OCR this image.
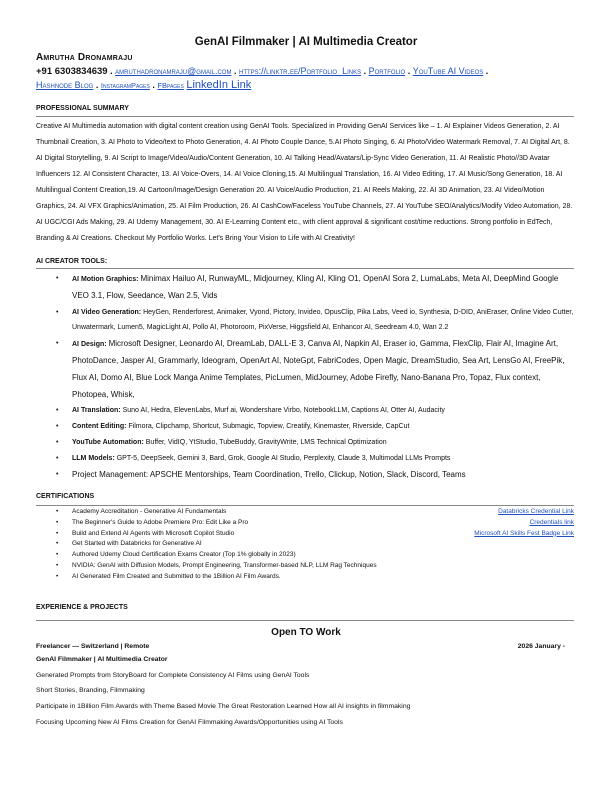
GenAI Filmmaker | AI Multimedia Creator
Amrutha Dronamraju
+91 6303834639 . amruthadronamraju@gmail.com . https://linktr.ee/Portfolio_Links . Portfolio . YouTube AI Videos .
Hashnode Blog . InstagramPages . FBpages LinkedIn Link
PROFESSIONAL SUMMARY
Creative AI Multimedia automation with digital content creation using GenAI Tools. Specialized in Providing GenAI Services like – 1. AI Explainer Videos Generation, 2. AI Thumbnail Creation, 3. AI Photo to Video/text to Photo Generation, 4. AI Photo Couple Dance, 5.AI Photo Singing, 6. AI Photo/Video Watermark Removal, 7. AI Digital Art, 8. AI Digital Storytelling, 9. AI Script to Image/Video/Audio/Content Generation, 10. AI Talking Head/Avatars/Lip-Sync Video Generation, 11. AI Realistic Photo//3D Avatar Influencers 12. AI Consistent Character, 13. AI Voice-Overs, 14. AI Voice Cloning,15. AI Multilingual Translation, 16. AI Video Editing, 17. AI Music/Song Generation, 18. AI Multilingual Content Creation,19. AI Cartoon/Image/Design Generation 20. AI Voice/Audio Production, 21. AI Reels Making, 22. AI 3D Animation, 23. AI Video/Motion Graphics, 24. AI VFX Graphics/Animation, 25. AI Film Production, 26. AI CashCow/Faceless YouTube Channels, 27. AI YouTube SEO/Analytics/Modify Video Automation, 28. AI UGC/CGI Ads Making, 29. AI Udemy Management, 30. AI E-Learning Content etc., with client approval & significant cost/time reductions. Strong portfolio in EdTech, Branding & AI Creations. Checkout My Portfolio Works. Let's Bring Your Vision to Life with AI Creativity!
AI CREATOR TOOLS:
• AI Motion Graphics: Minimax Hailuo AI, RunwayML, Midjourney, Kling AI, Kling O1, OpenAI Sora 2, LumaLabs, Meta AI, DeepMind Google VEO 3.1, Flow, Seedance, Wan 2.5, Vids
• AI Video Generation: HeyGen, Renderforest, Animaker, Vyond, Pictory, Invideo, OpusClip, Pika Labs, Veed io, Synthesia, D-DID, AniEraser, Online Video Cutter, Unwatermark, Lumen5, MagicLight AI, Pollo AI, Photoroom, PixVerse, Higgsfield AI, Enhancor AI, Seedream 4.0, Wan 2.2
• AI Design: Microsoft Designer, Leonardo AI, DreamLab, DALL-E 3, Canva AI, Napkin AI, Eraser io, Gamma, FlexClip, Flair AI, Imagine Art, PhotoDance, Jasper AI, Grammarly, Ideogram, OpenArt AI, NoteGpt, FabriCodes, Open Magic, DreamStudio, Sea Art, LensGo AI, FreePik, Flux AI, Domo AI, Blue Lock Manga Anime Templates, PicLumen, MidJourney, Adobe Firefly, Nano-Banana Pro, Topaz, Flux context, Photopea, Whisk,
• AI Translation: Suno AI, Hedra, ElevenLabs, Murf ai, Wondershare Virbo, NotebookLLM, Captions AI, Otter AI, Audacity
• Content Editing: Filmora, Clipchamp, Shortcut, Submagic, Topview, Creatify, Kinemaster, Riverside, CapCut
• YouTube Automation: Buffer, VidIQ, YtStudio, TubeBuddy, GravityWrite, LMS Technical Optimization
• LLM Models: GPT-5, DeepSeek, Gemini 3, Bard, Grok, Google AI Studio, Perplexity, Claude 3, Multimodal LLMs Prompts
• Project Management: APSCHE Mentorships, Team Coordination, Trello, Clickup, Notion, Slack, Discord, Teams
CERTIFICATIONS
• Academy Accreditation - Generative AI Fundamentals	Databricks Credential Link
• The Beginner's Guide to Adobe Premiere Pro: Edit Like a Pro	Credentials link
• Build and Extend AI Agents with Microsoft Copilot Studio	Microsoft AI Skills Fest Badge Link
• Get Started with Databricks for Generative AI
• Authored Udemy Cloud Certification Exams Creator (Top 1% globally in 2023)
• NVIDIA: GenAI with Diffusion Models, Prompt Engineering, Transformer-based NLP, LLM Rag Techniques
• AI Generated Film Created and Submitted to the 1Billion AI Film Awards.
EXPERIENCE & PROJECTS
Open TO Work
Freelancer — Switzerland | Remote	2026 January -
GenAI Filmmaker | AI Multimedia Creator
Generated Prompts from StoryBoard for Complete Consistency AI Films using GenAI Tools
Short Stories, Branding, Filmmaking
Participate in 1Billion Film Awards with Theme Based Movie The Great Restoration Learned How all AI insights in filmmaking
Focusing Upcoming New AI Films Creation for GenAI Filmmaking Awards/Opportunities using AI Tools
